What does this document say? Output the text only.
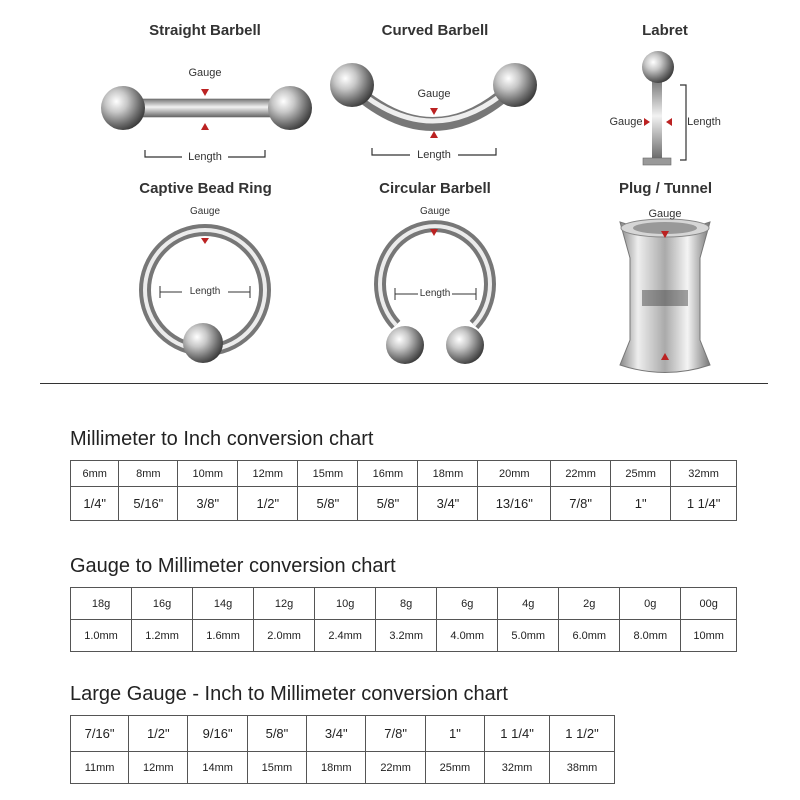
Straight Barbell
Gauge
Length
Curved Barbell
Gauge
Length
Labret
Gauge	Length
Captive Bead Ring
Gauge
Length
Circular Barbell
Gauge
Length
Plug / Tunnel
Gauge
Millimeter to Inch conversion chart
6mm	8mm	10mm	12mm	15mm	16mm	18mm	20mm	22mm	25mm	32mm
1/4"	5/16"	3/8"	1/2"	5/8"	5/8"	3/4"	13/16"	7/8"	1"	1 1/4"
Gauge to Millimeter conversion chart
18g	16g	14g	12g	10g	8g	6g	4g	2g	0g	00g
1.0mm	1.2mm	1.6mm	2.0mm	2.4mm	3.2mm	4.0mm	5.0mm	6.0mm	8.0mm	10mm
Large Gauge - Inch to Millimeter conversion chart
7/16"	1/2"	9/16"	5/8"	3/4"	7/8"	1"	1 1/4"	1 1/2"
11mm	12mm	14mm	15mm	18mm	22mm	25mm	32mm	38mm
